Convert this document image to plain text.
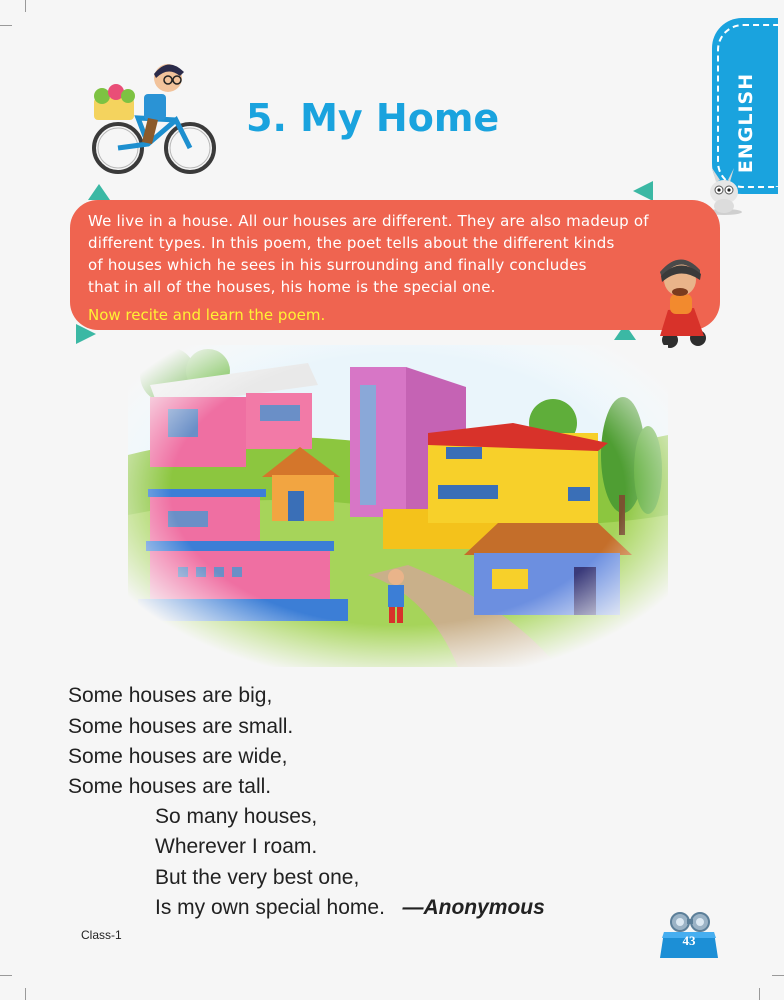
5. My Home	ENGLISH
We live in a house. All our houses are different. They are also madeup of
different types. In this poem, the poet tells about the different kinds
of houses which he sees in his surrounding and finally concludes
that in all of the houses, his home is the special one.
Now recite and learn the poem.
Some houses are big,
Some houses are small.
Some houses are wide,
Some houses are tall.
So many houses,
Wherever I roam.
But the very best one,
Is my own special home. —Anonymous
Class-1	43
